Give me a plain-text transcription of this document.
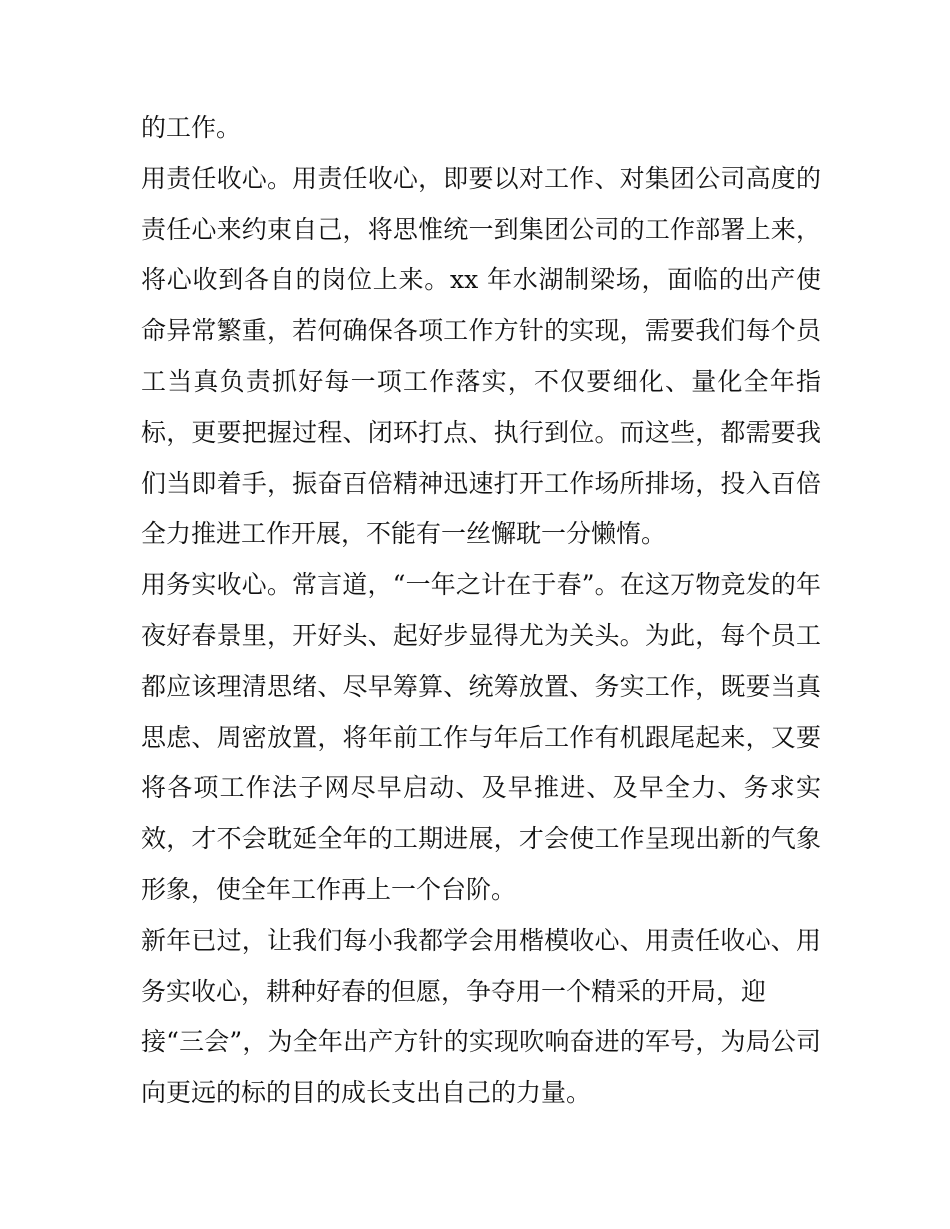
的工作。
用责任收心。用责任收心，即要以对工作、对集团公司高度的
责任心来约束自己，将思惟统一到集团公司的工作部署上来，
将心收到各自的岗位上来。xx 年水湖制梁场，面临的出产使
命异常繁重，若何确保各项工作方针的实现，需要我们每个员
工当真负责抓好每一项工作落实，不仅要细化、量化全年指
标，更要把握过程、闭环打点、执行到位。而这些，都需要我
们当即着手，振奋百倍精神迅速打开工作场所排场，投入百倍
全力推进工作开展，不能有一丝懈耽一分懒惰。
用务实收心。常言道，“一年之计在于春”。在这万物竞发的年
夜好春景里，开好头、起好步显得尤为关头。为此，每个员工
都应该理清思绪、尽早筹算、统筹放置、务实工作，既要当真
思虑、周密放置，将年前工作与年后工作有机跟尾起来，又要
将各项工作法子网尽早启动、及早推进、及早全力、务求实
效，才不会耽延全年的工期进展，才会使工作呈现出新的气象
形象，使全年工作再上一个台阶。
新年已过，让我们每小我都学会用楷模收心、用责任收心、用
务实收心，耕种好春的但愿，争夺用一个精采的开局，迎
接“三会”，为全年出产方针的实现吹响奋进的军号，为局公司
向更远的标的目的成长支出自己的力量。
